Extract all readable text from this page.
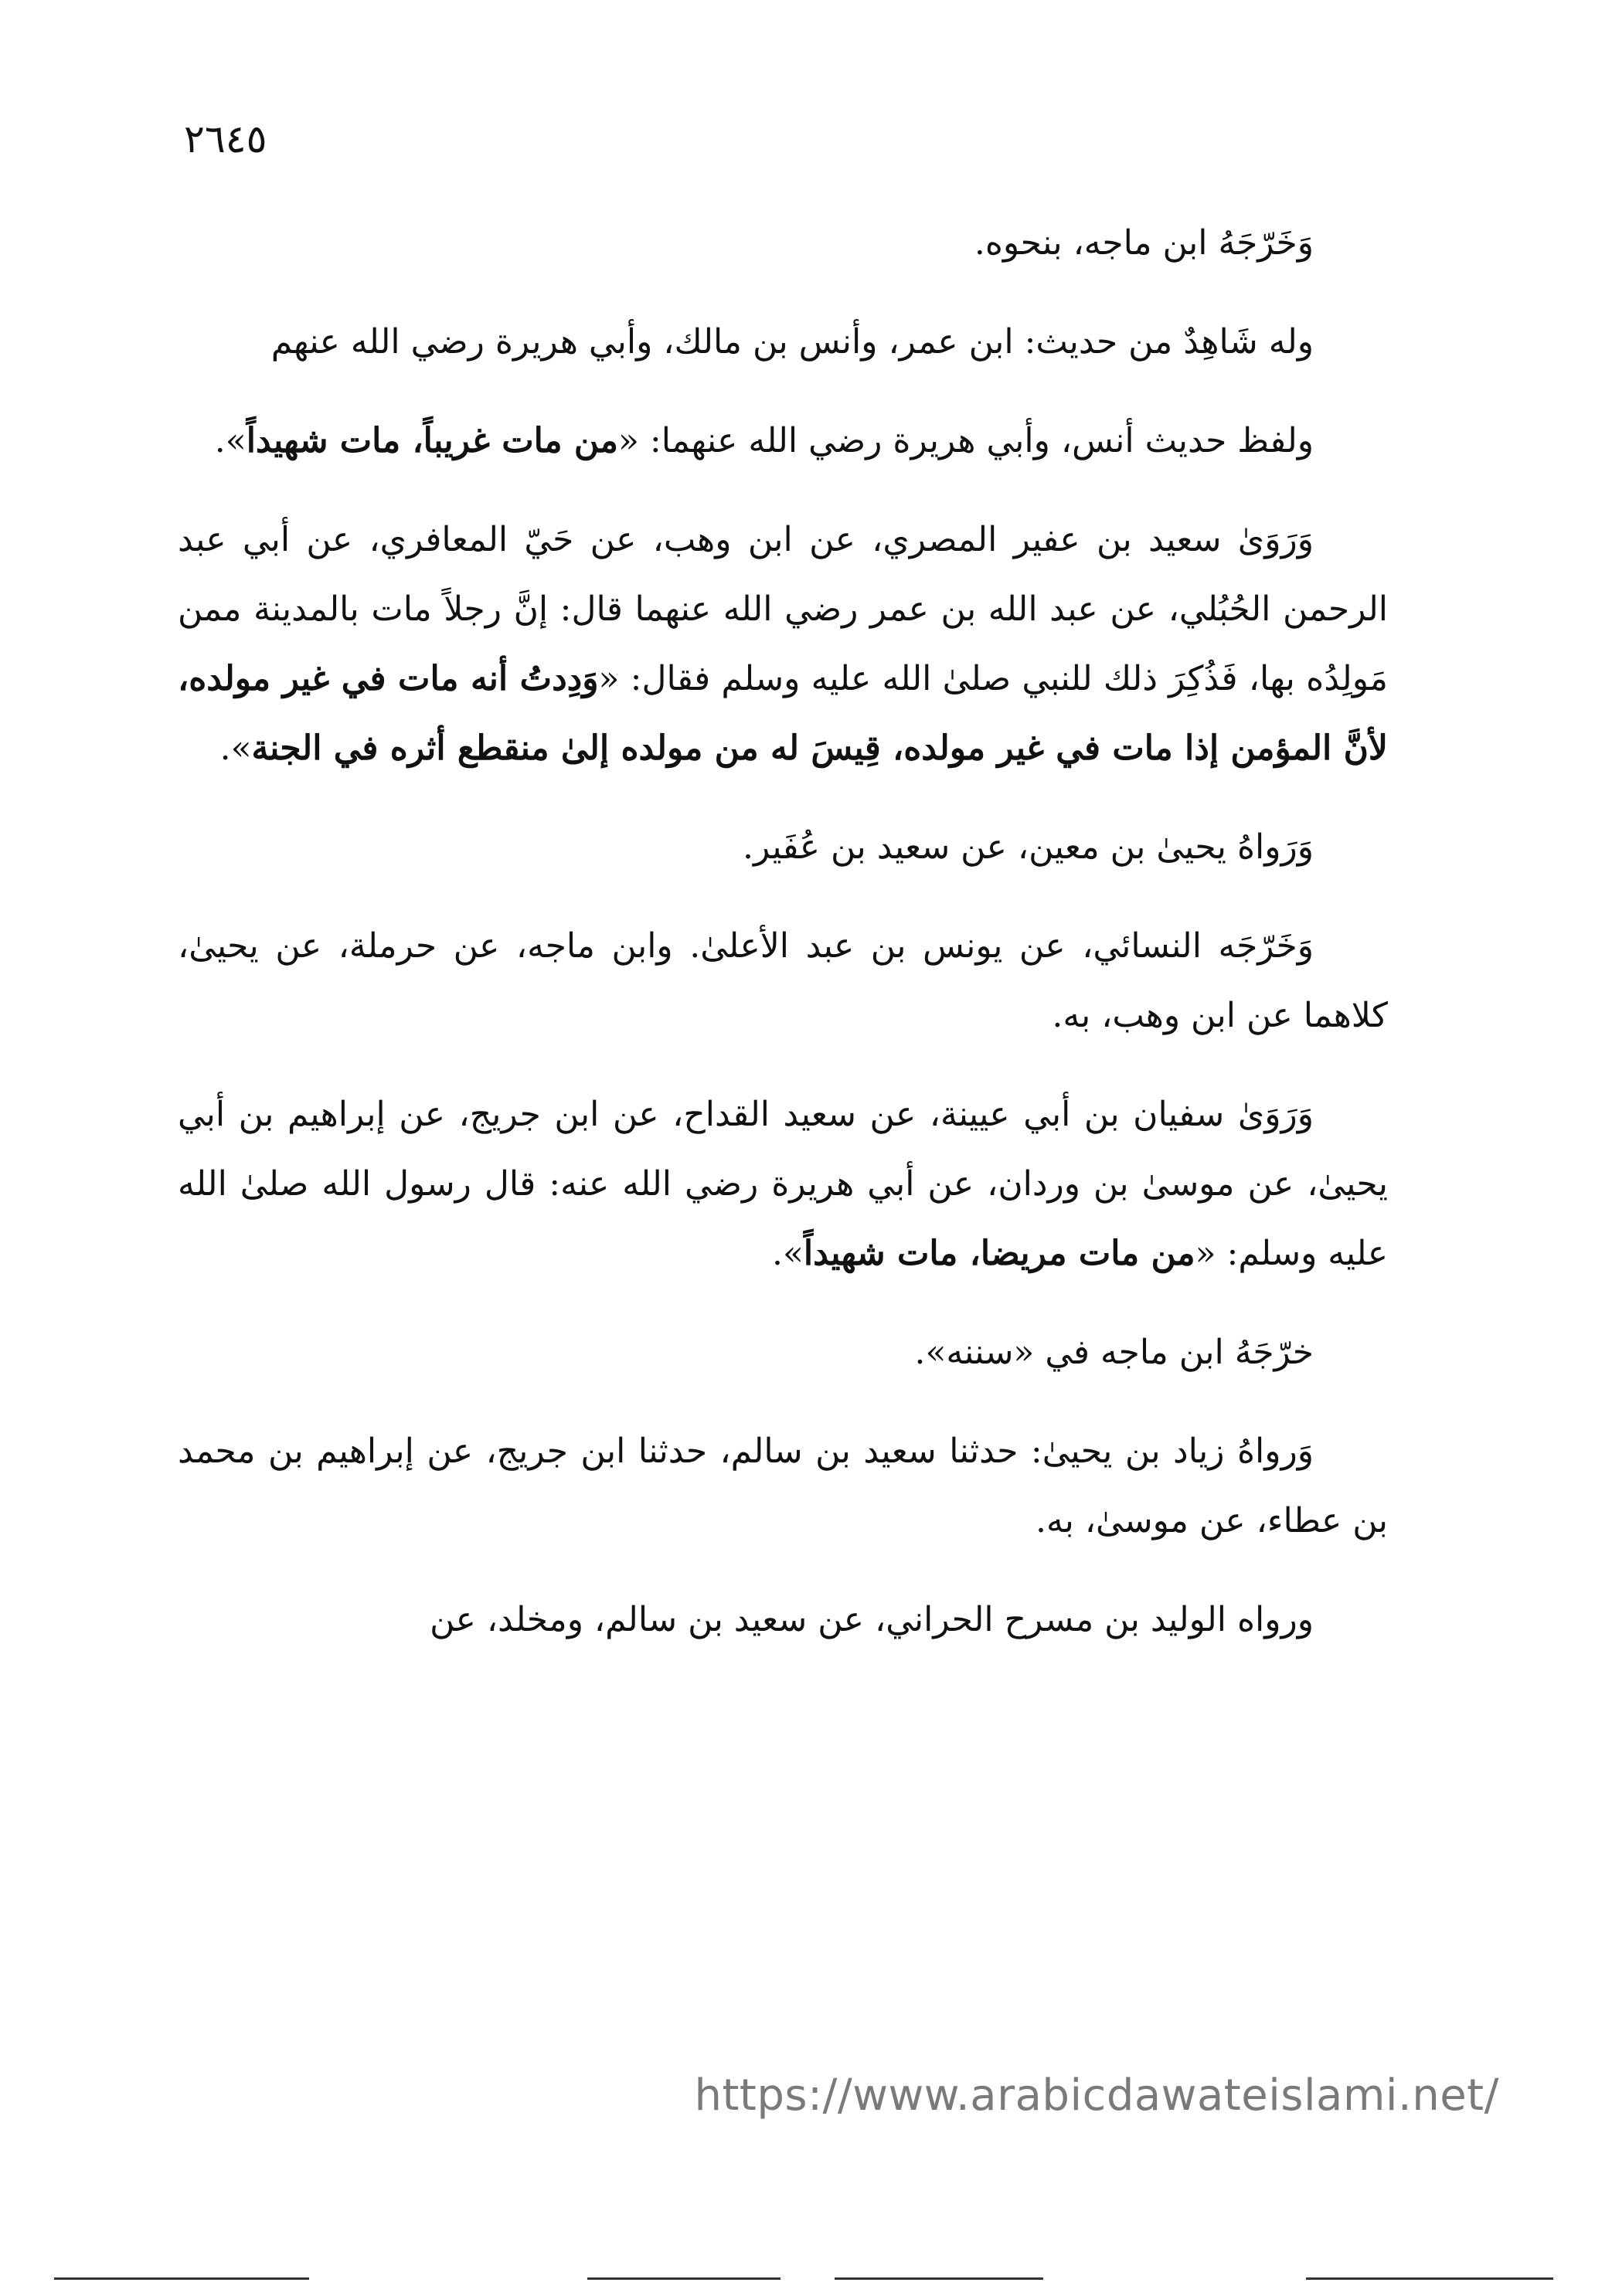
٢٦٤٥

وَخَرّجَهُ ابن ماجه، بنحوه.

وله شَاهِدٌ من حديث: ابن عمر، وأنس بن مالك، وأبي هريرة رضي الله عنهم

ولفظ حديث أنس، وأبي هريرة رضي الله عنهما: «من مات غريباً، مات شهيداً».

وَرَوَىٰ سعيد بن عفير المصري، عن ابن وهب، عن حَيّ المعافري، عن أبي عبد الرحمن الحُبُلي، عن عبد الله بن عمر رضي الله عنهما قال: إنَّ رجلاً مات بالمدينة ممن مَولِدُه بها، فَذُكِرَ ذلك للنبي صلىٰ الله عليه وسلم فقال: «وَدِدتُ أنه مات في غير مولده، لأنَّ المؤمن إذا مات في غير مولده، قِيسَ له من مولده إلىٰ منقطع أثره في الجنة».

وَرَواهُ يحيىٰ بن معين، عن سعيد بن عُفَير.

وَخَرّجَه النسائي، عن يونس بن عبد الأعلىٰ. وابن ماجه، عن حرملة، عن يحيىٰ، كلاهما عن ابن وهب، به.

وَرَوَىٰ سفيان بن أبي عيينة، عن سعيد القداح، عن ابن جريج، عن إبراهيم بن أبي يحيىٰ، عن موسىٰ بن وردان، عن أبي هريرة رضي الله عنه: قال رسول الله صلىٰ الله عليه وسلم: «من مات مريضا، مات شهيداً».

خرّجَهُ ابن ماجه في «سننه».

وَرواهُ زياد بن يحيىٰ: حدثنا سعيد بن سالم، حدثنا ابن جريج، عن إبراهيم بن محمد بن عطاء، عن موسىٰ، به.

ورواه الوليد بن مسرح الحراني، عن سعيد بن سالم، ومخلد، عن

https://www.arabicdawateislami.net/
